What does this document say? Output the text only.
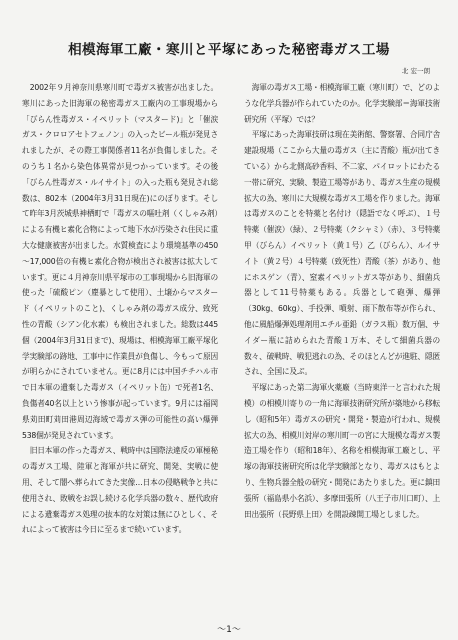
相模海軍工廠・寒川と平塚にあった秘密毒ガス工場
北 宏一朗

2002年９月神奈川県寒川町で毒ガス被害が出ました。寒川にあった旧海軍の秘密毒ガス工廠内の工事現場から「びらん性毒ガス・イペリット（マスタード)」と「催涙ガス・クロロアセトフェノン」の入ったビール瓶が発見されましたが、その際工事関係者11名が負傷しました。そのうち１名から染色体異常が見つかっています。その後「びらん性毒ガス・ルイサイト」の入った瓶も発見され総数は、802本（2004年3月31日現在)にのぼります。そして昨年3月茨城県神栖町で「毒ガスの嘔吐剤（くしゃみ剤）による有機ヒ素化合物によって地下水が汚染され住民に重大な健康被害が出ました。水質検査により環境基準の450～17,000倍の有機ヒ素化合物が検出され被害は拡大しています。更に４月神奈川県平塚市の工事現場から旧海軍の使った「硫酸ピン（塵暴として使用）、土壌からマスタード（イペリットのこと)、くしゃみ剤の毒ガス成分、致死性の青酸（シアン化水素）も検出されました。総数は445個（2004年3月31日まで)、現場は、相模海軍工廠平塚化学実験部の跡地、工事中に作業員が負傷し、今もって原因が明らかにされていません。更に8月には中国チチハル市で日本軍の遺棄した毒ガス（イペリット缶）で死者1名、負傷者40名以上という惨事が起っています。9月には福岡県苅田町苅田港周辺海域で毒ガス弾の可能性の高い爆弾538個が発見されています。

旧日本軍の作った毒ガス、戦時中は国際法違反の軍極秘の毒ガス工場、陸軍と海軍が共に研究、開発、実戦に使用、そして闇へ葬られてきた実像…日本の侵略戦争と共に使用され、敗戦をお誤し続ける化学兵器の数々、歴代政府による遺棄毒ガス処理の抜本的な対策は無にひとしく、それによって被害は今日に至るまで続いています。

海軍の毒ガス工場・相模海軍工廠（寒川町）で、どのような化学兵器が作られていたのか。化学実験部＝海軍技術研究所（平塚）では？

平塚にあった海軍技研は現在美術館、警察署、合同庁舎建設現場（ここから大量の毒ガス（主に青酸）瓶が出てきている）から北側高砂香料、不二家、パイロットにわたる一帯に研究、実験、製造工場等があり、毒ガス生産の規模拡大の為、寒川に大規模な毒ガス工場を作りました。海軍は毒ガスのことを特薬と名付け（隠語でなく呼ぶ）、１号特薬（催涙）（緑）、２号特薬（クシャミ）（赤）、３号特薬甲（びらん）イペリット（黄１号）乙（びらん）、ルイサイト（黄２号）４号特薬（致死性）青酸（茶）があり、他にホスゲン（青）、窒素イペリットガス等があり、細菌兵器として11号特薬もある。兵器として砲弾、爆弾（30kg、60kg）、手投弾、噴射、雨下散布等が作られ、他に風船爆弾処理剤用エチル亜鉛（ガラス瓶）数万個、サイダー瓶に詰められた青酸１万本、そして細菌兵器の数々、破戦時、戦犯逃れの為、そのほとんどが進駐、隠匿され、全国に及ぶ。

平塚にあった第二海軍火薬廠（当時東洋一と言われた規模）の相模川寄りの一角に海軍技術研究所が築地から移転し（昭和5年）毒ガスの研究・開発・製造が行われ、規模拡大の為、相模川対岸の寒川町一の宮に大規模な毒ガス製造工場を作り（昭和18年）、名称を相模海軍工廠とし、平塚の海軍技術研究所は化学実験部となり、毒ガスはもとより、生物兵器全般の研究・開発にあたりました。更に鎮田張所（福島県小名浜）、多摩田張所（八王子市川口町）、上田出張所（長野県上田）を開設疎開工場としました。

～1～
